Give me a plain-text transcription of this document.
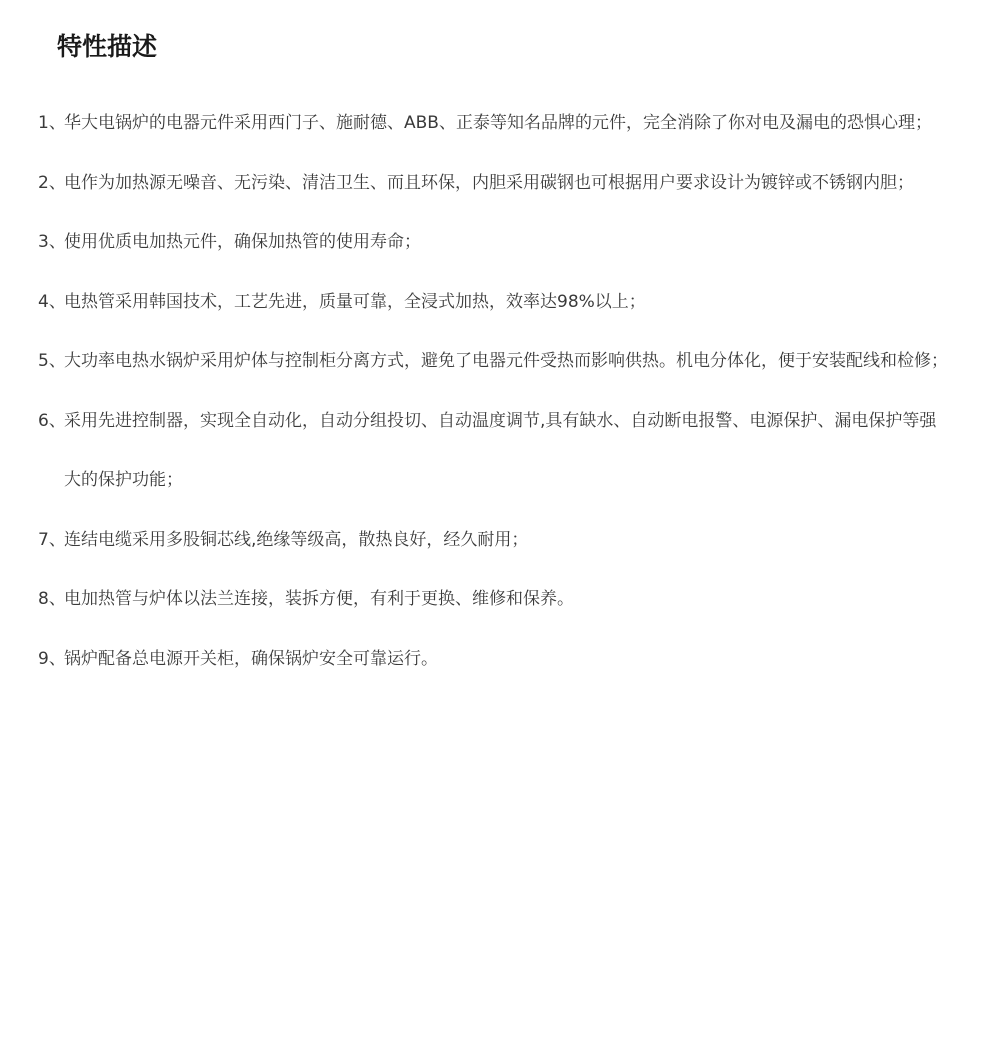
特性描述
1、
华大电锅炉的电器元件采用西门子、施耐德、ABB、正泰等知名品牌的元件，完全消除了你对电及漏电的恐惧心理；
2、
电作为加热源无噪音、无污染、清洁卫生、而且环保，内胆采用碳钢也可根据用户要求设计为镀锌或不锈钢内胆；
3、
使用优质电加热元件，确保加热管的使用寿命；
4、
电热管采用韩国技术，工艺先进，质量可靠，全浸式加热，效率达98%以上；
5、
大功率电热水锅炉采用炉体与控制柜分离方式，避免了电器元件受热而影响供热。机电分体化，便于安装配线和检修；
6、
采用先进控制器，实现全自动化，自动分组投切、自动温度调节,具有缺水、自动断电报警、电源保护、漏电保护等强大的保护功能；
7、
连结电缆采用多股铜芯线,绝缘等级高，散热良好，经久耐用；
8、
电加热管与炉体以法兰连接，装拆方便，有利于更换、维修和保养。
9、
锅炉配备总电源开关柜，确保锅炉安全可靠运行。
